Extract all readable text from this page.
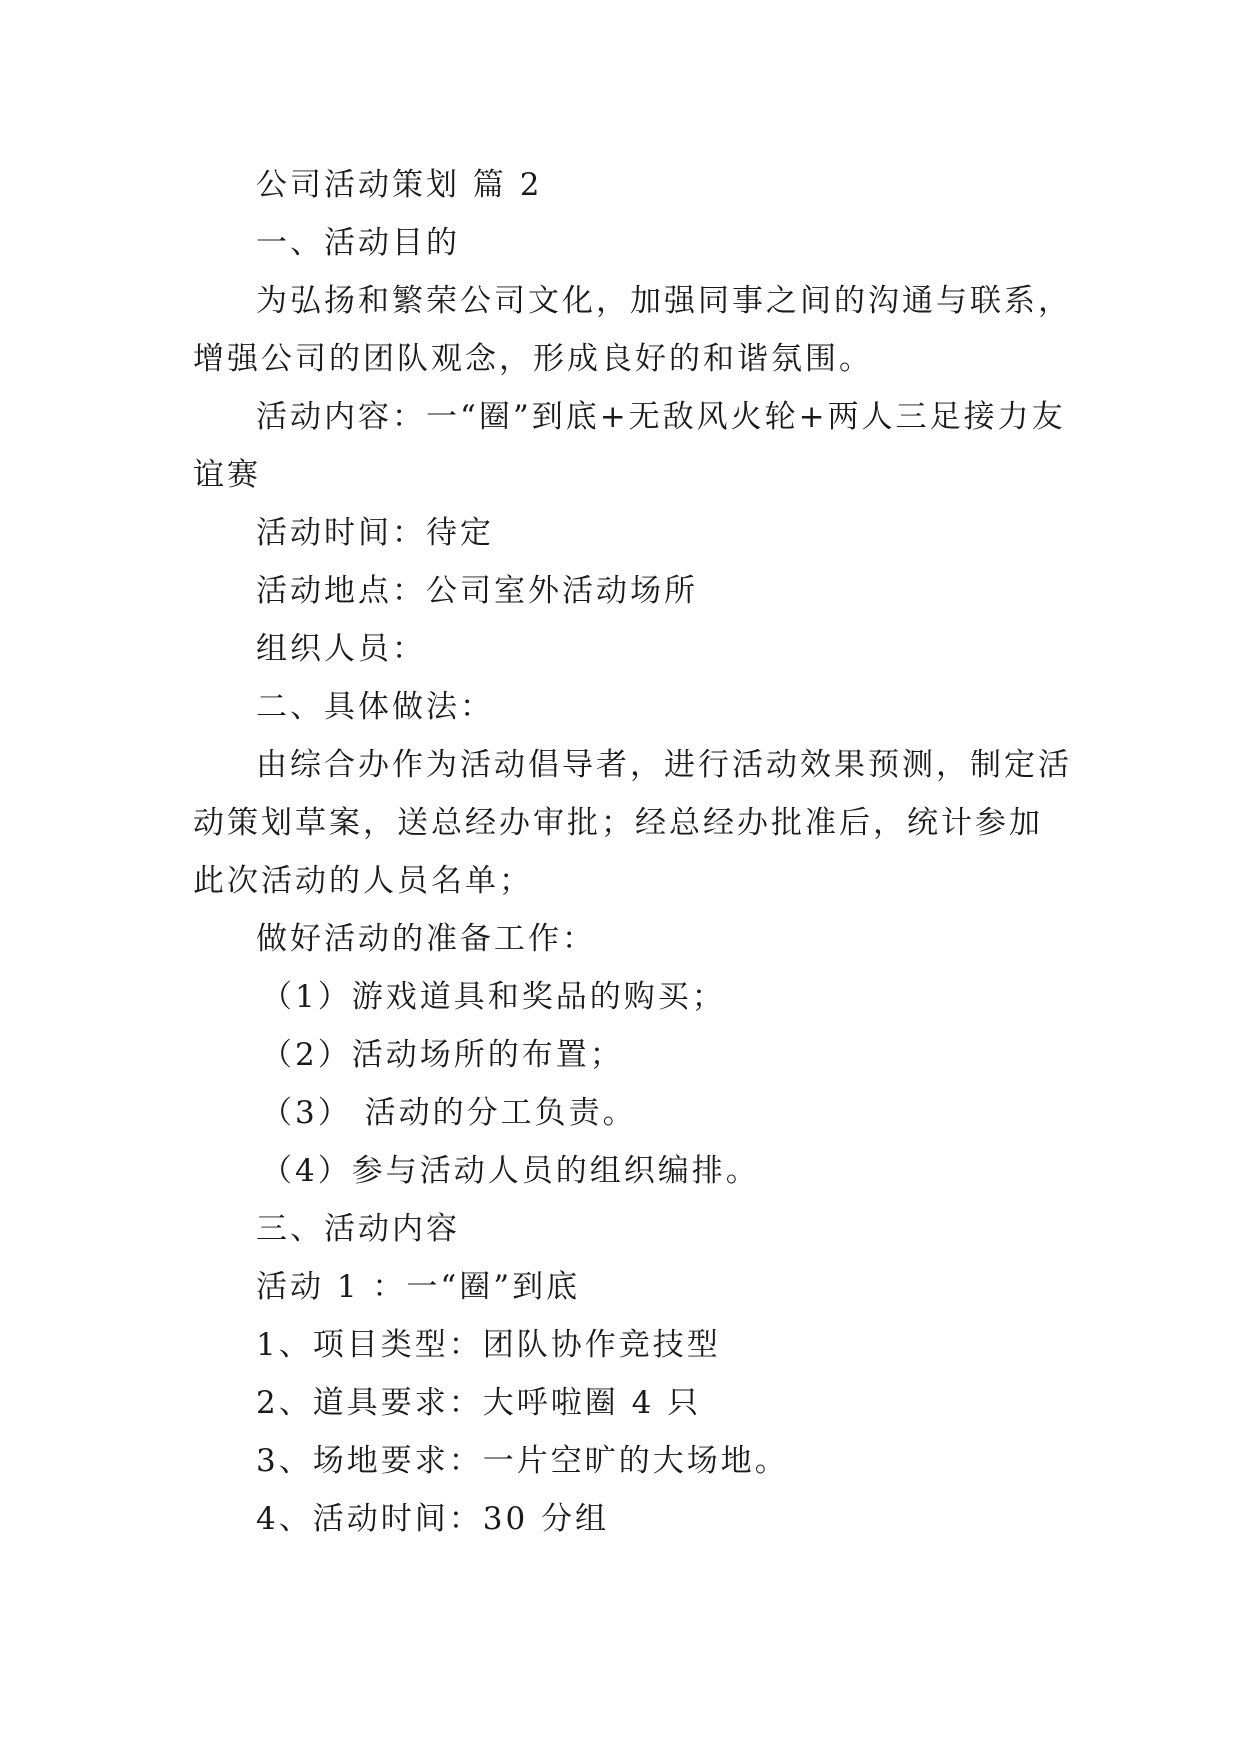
公司活动策划 篇 2
一、活动目的
为弘扬和繁荣公司文化，加强同事之间的沟通与联系，增强公司的团队观念，形成良好的和谐氛围。
活动内容：一“圈”到底+无敌风火轮+两人三足接力友谊赛
活动时间：待定
活动地点：公司室外活动场所
组织人员：
二、具体做法：
由综合办作为活动倡导者，进行活动效果预测，制定活动策划草案，送总经办审批；经总经办批准后，统计参加此次活动的人员名单；
做好活动的准备工作：
（1）游戏道具和奖品的购买；
（2）活动场所的布置；
（3） 活动的分工负责。
（4）参与活动人员的组织编排。
三、活动内容
活动 1 ：一“圈”到底
1、项目类型：团队协作竞技型
2、道具要求：大呼啦圈 4 只
3、场地要求：一片空旷的大场地。
4、活动时间：30 分组
